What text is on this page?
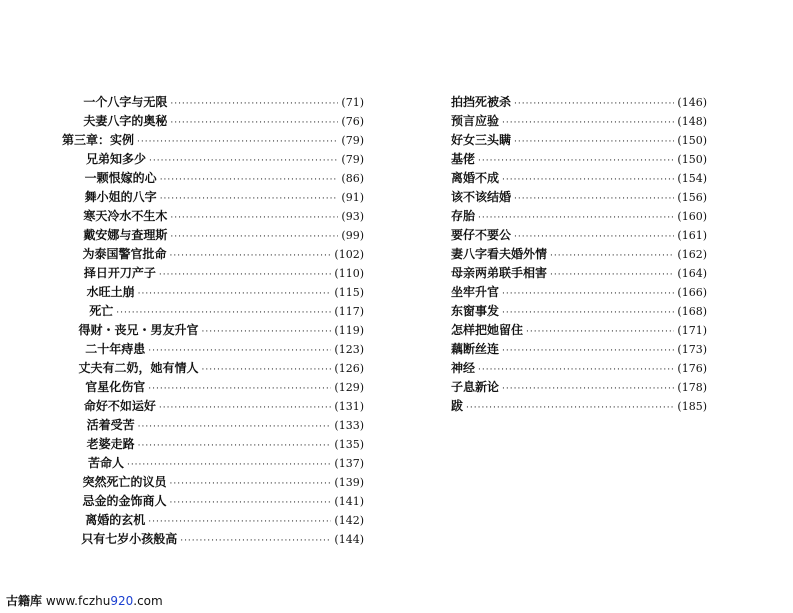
一个八字与无限 ·····	(71)
夫妻八字的奥秘 ·····	(76)
第三章： 实例 ·····	(79)
兄弟知多少 ·····	(79)
一颗恨嫁的心 ·····	(86)
舞小姐的八字 ·····	(91)
寒天冷水不生木 ·····	(93)
戴安娜与查理斯 ·····	(99)
为泰国警官批命 ·····	(102)
择日开刀产子 ·····	(110)
水旺土崩 ·····	(115)
死亡 ·····	(117)
得财・丧兄・男友升官 ·····	(119)
二十年痔患 ·····	(123)
丈夫有二奶，她有情人 ·····	(126)
官星化伤官 ·····	(129)
命好不如运好 ·····	(131)
活着受苦 ·····	(133)
老婆走路 ·····	(135)
苦命人 ·····	(137)
突然死亡的议员 ·····	(139)
忌金的金饰商人 ·····	(141)
离婚的玄机 ·····	(142)
只有七岁小孩般高 ·····	(144)
拍挡死被杀 ·····	(146)
预言应验 ·····	(148)
好女三头瞒 ·····	(150)
基佬 ·····	(150)
离婚不成 ·····	(154)
该不该结婚 ·····	(156)
存胎 ·····	(160)
要仔不要公 ·····	(161)
妻八字看夫婚外情 ·····	(162)
母亲两弟联手相害 ·····	(164)
坐牢升官 ·····	(166)
东窗事发 ·····	(168)
怎样把她留住 ·····	(171)
藕断丝连 ·····	(173)
神经 ·····	(176)
子息新论 ·····	(178)
跋 ·····	(185)
古籍库 www.fczhu920.com
